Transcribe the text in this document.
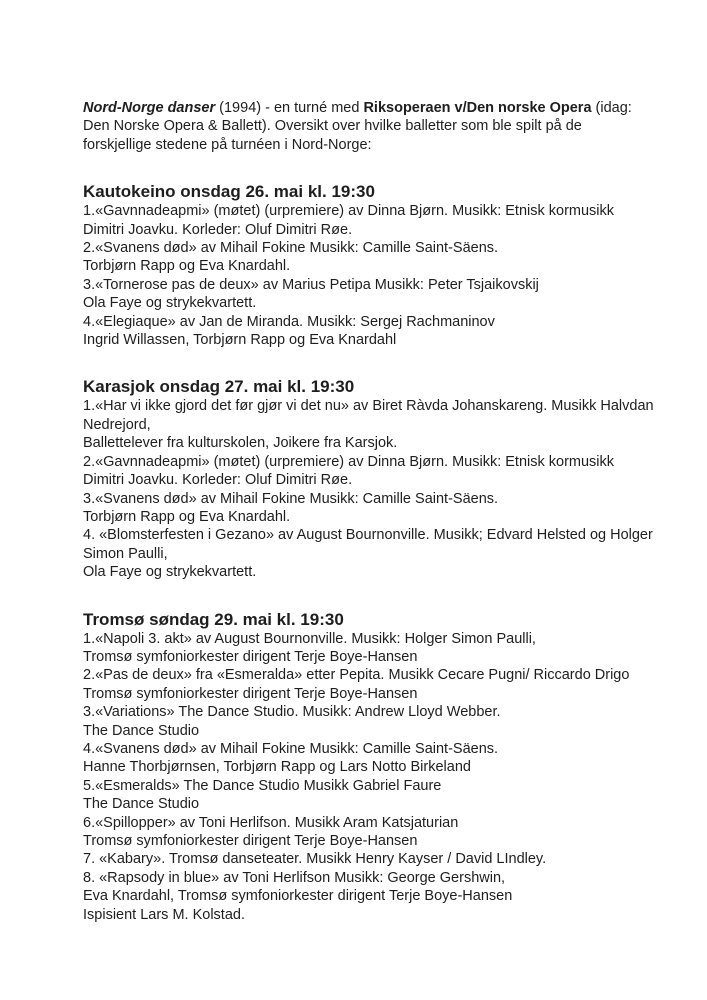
Nord-Norge danser (1994) - en turné med Riksoperaen v/Den norske Opera (idag:
Den Norske Opera & Ballett). Oversikt over hvilke balletter som ble spilt på de
forskjellige stedene på turnéen i Nord-Norge:
Kautokeino onsdag 26. mai kl. 19:30
1.«Gavnnadeapmi» (møtet) (urpremiere) av Dinna Bjørn. Musikk: Etnisk kormusikk
Dimitri Joavku. Korleder: Oluf Dimitri Røe.
2.«Svanens død» av Mihail Fokine Musikk: Camille Saint-Säens.
Torbjørn Rapp og Eva Knardahl.
3.«Tornerose pas de deux» av Marius Petipa Musikk: Peter Tsjaikovskij
Ola Faye og strykekvartett.
4.«Elegiaque» av Jan de Miranda. Musikk: Sergej Rachmaninov
Ingrid Willassen, Torbjørn Rapp og Eva Knardahl
Karasjok onsdag 27. mai kl. 19:30
1.«Har vi ikke gjord det før gjør vi det nu» av Biret Ràvda Johanskareng. Musikk Halvdan
Nedrejord,
Ballettelever fra kulturskolen, Joikere fra Karsjok.
2.«Gavnnadeapmi» (møtet) (urpremiere) av Dinna Bjørn. Musikk: Etnisk kormusikk
Dimitri Joavku. Korleder: Oluf Dimitri Røe.
3.«Svanens død» av Mihail Fokine Musikk: Camille Saint-Säens.
Torbjørn Rapp og Eva Knardahl.
4. «Blomsterfesten i Gezano» av August Bournonville. Musikk; Edvard Helsted og Holger
Simon Paulli,
Ola Faye og strykekvartett.
Tromsø søndag 29. mai kl. 19:30
1.«Napoli 3. akt» av August Bournonville. Musikk: Holger Simon Paulli,
Tromsø symfoniorkester dirigent Terje Boye-Hansen
2.«Pas de deux» fra «Esmeralda» etter Pepita. Musikk Cecare Pugni/ Riccardo Drigo
Tromsø symfoniorkester dirigent Terje Boye-Hansen
3.«Variations» The Dance Studio. Musikk: Andrew Lloyd Webber.
The Dance Studio
4.«Svanens død» av Mihail Fokine Musikk: Camille Saint-Säens.
Hanne Thorbjørnsen, Torbjørn Rapp og Lars Notto Birkeland
5.«Esmeralds» The Dance Studio Musikk Gabriel Faure
The Dance Studio
6.«Spillopper» av Toni Herlifson. Musikk Aram Katsjaturian
Tromsø symfoniorkester dirigent Terje Boye-Hansen
7. «Kabary». Tromsø danseteater. Musikk Henry Kayser / David LIndley.
8. «Rapsody in blue» av Toni Herlifson Musikk: George Gershwin,
Eva Knardahl, Tromsø symfoniorkester dirigent Terje Boye-Hansen
Ispisient Lars M. Kolstad.
